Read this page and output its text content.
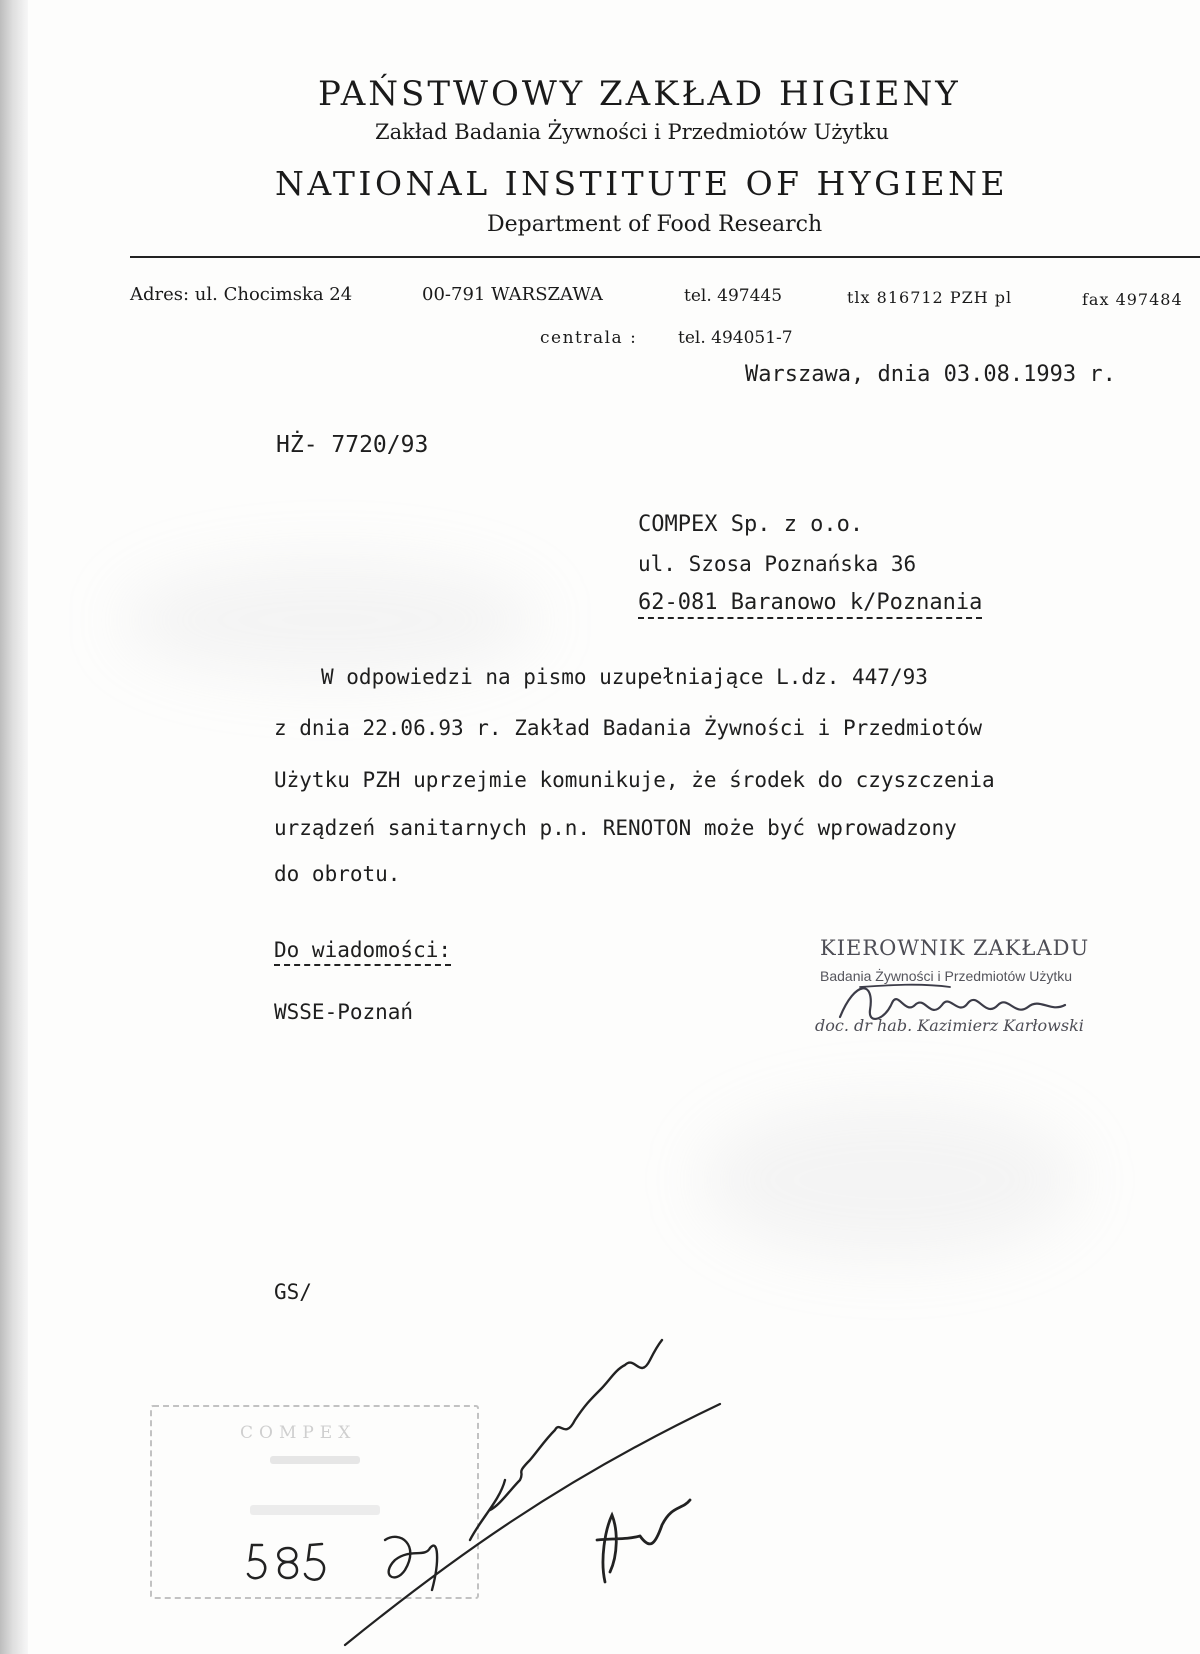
PAŃSTWOWY ZAKŁAD HIGIENY
Zakład Badania Żywności i Przedmiotów Użytku
NATIONAL INSTITUTE OF HYGIENE
Department of Food Research
Adres: ul. Chocimska 24	00-791 WARSZAWA	tel. 497445	tlx 816712 PZH pl	fax 497484
centrala : tel. 494051-7
Warszawa, dnia 03.08.1993 r.
HŻ- 7720/93
COMPEX Sp. z o.o.
ul. Szosa Poznańska 36
62-081 Baranowo k/Poznania
W odpowiedzi na pismo uzupełniające L.dz. 447/93
z dnia 22.06.93 r. Zakład Badania Żywności i Przedmiotów
Użytku PZH uprzejmie komunikuje, że środek do czyszczenia
urządzeń sanitarnych p.n. RENOTON może być wprowadzony
do obrotu.
Do wiadomości:
WSSE-Poznań
KIEROWNIK ZAKŁADU
Badania Żywności i Przedmiotów Użytku
doc. dr hab. Kazimierz Karłowski
GS/
COMPEX
